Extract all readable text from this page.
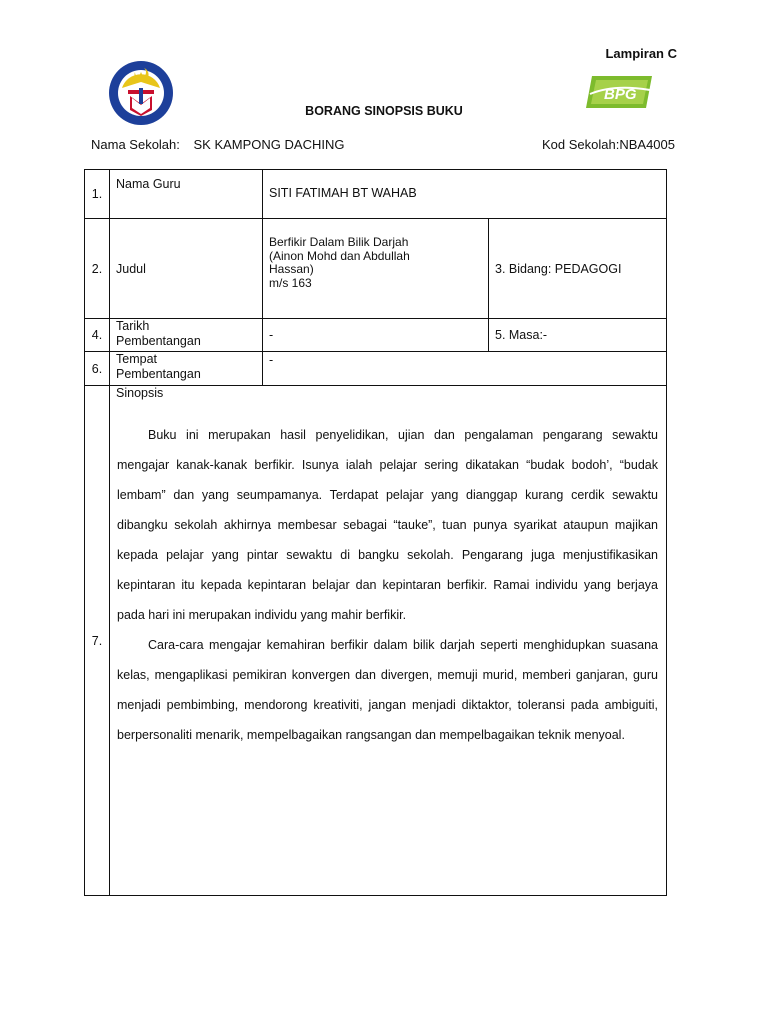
Lampiran C
BPG
BORANG SINOPSIS BUKU
Nama Sekolah: SK KAMPONG DACHING	Kod Sekolah:NBA4005
1.	Nama Guru	SITI FATIMAH BT WAHAB	
2.	Judul	Berfikir Dalam Bilik Darjah
(Ainon Mohd dan Abdullah
Hassan)
m/s 163	3. Bidang: PEDAGOGI
4.	Tarikh
Pembentangan	-	5. Masa:-
6.	Tempat
Pembentangan	-	
7.	Sinopsis

Buku ini merupakan hasil penyelidikan, ujian dan pengalaman pengarang sewaktu mengajar kanak-kanak berfikir. Isunya ialah pelajar sering dikatakan “budak bodoh’, “budak lembam” dan yang seumpamanya. Terdapat pelajar yang dianggap kurang cerdik sewaktu dibangku sekolah akhirnya membesar sebagai “tauke”, tuan punya syarikat ataupun majikan kepada pelajar yang pintar sewaktu di bangku sekolah. Pengarang juga menjustifikasikan kepintaran itu kepada kepintaran belajar dan kepintaran berfikir. Ramai individu yang berjaya pada hari ini merupakan individu yang mahir berfikir.

Cara-cara mengajar kemahiran berfikir dalam bilik darjah seperti menghidupkan suasana kelas, mengaplikasi pemikiran konvergen dan divergen, memuji murid, memberi ganjaran, guru menjadi pembimbing, mendorong kreativiti, jangan menjadi diktaktor, toleransi pada ambiguiti, berpersonaliti menarik, mempelbagaikan rangsangan dan mempelbagaikan teknik menyoal.		
